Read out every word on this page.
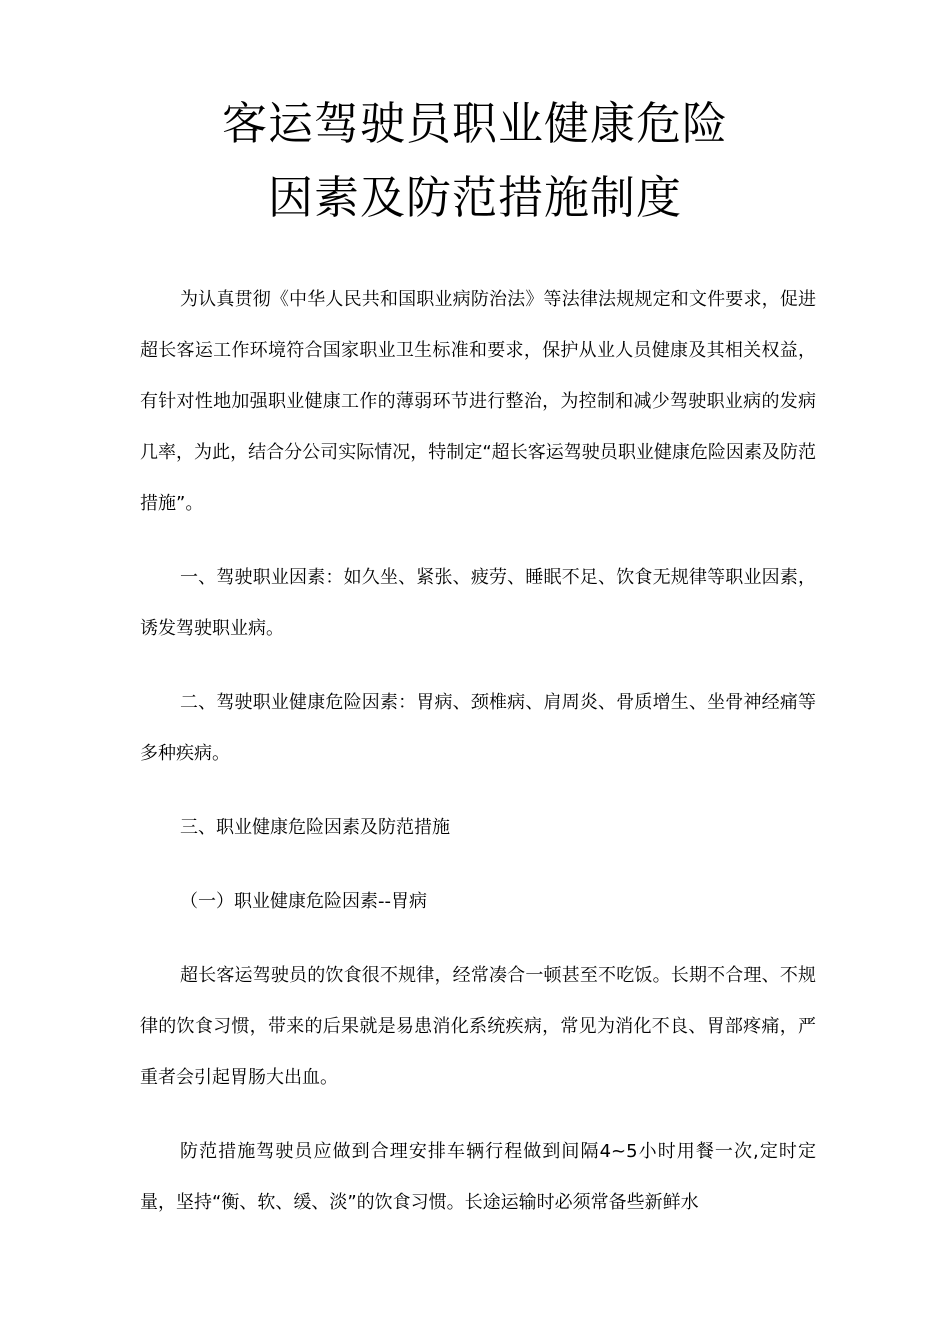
客运驾驶员职业健康危险
因素及防范措施制度

为认真贯彻《中华人民共和国职业病防治法》等法律法规规定和文件要求，促进超长客运工作环境符合国家职业卫生标准和要求，保护从业人员健康及其相关权益，有针对性地加强职业健康工作的薄弱环节进行整治，为控制和减少驾驶职业病的发病几率，为此，结合分公司实际情况，特制定“超长客运驾驶员职业健康危险因素及防范措施”。

一、驾驶职业因素：如久坐、紧张、疲劳、睡眠不足、饮食无规律等职业因素，诱发驾驶职业病。

二、驾驶职业健康危险因素：胃病、颈椎病、肩周炎、骨质增生、坐骨神经痛等多种疾病。

三、职业健康危险因素及防范措施

（一）职业健康危险因素--胃病

超长客运驾驶员的饮食很不规律，经常凑合一顿甚至不吃饭。长期不合理、不规律的饮食习惯，带来的后果就是易患消化系统疾病，常见为消化不良、胃部疼痛，严重者会引起胃肠大出血。

防范措施驾驶员应做到合理安排车辆行程做到间隔4~5小时用餐一次,定时定量，坚持“衡、软、缓、淡”的饮食习惯。长途运输时必须常备些新鲜水
